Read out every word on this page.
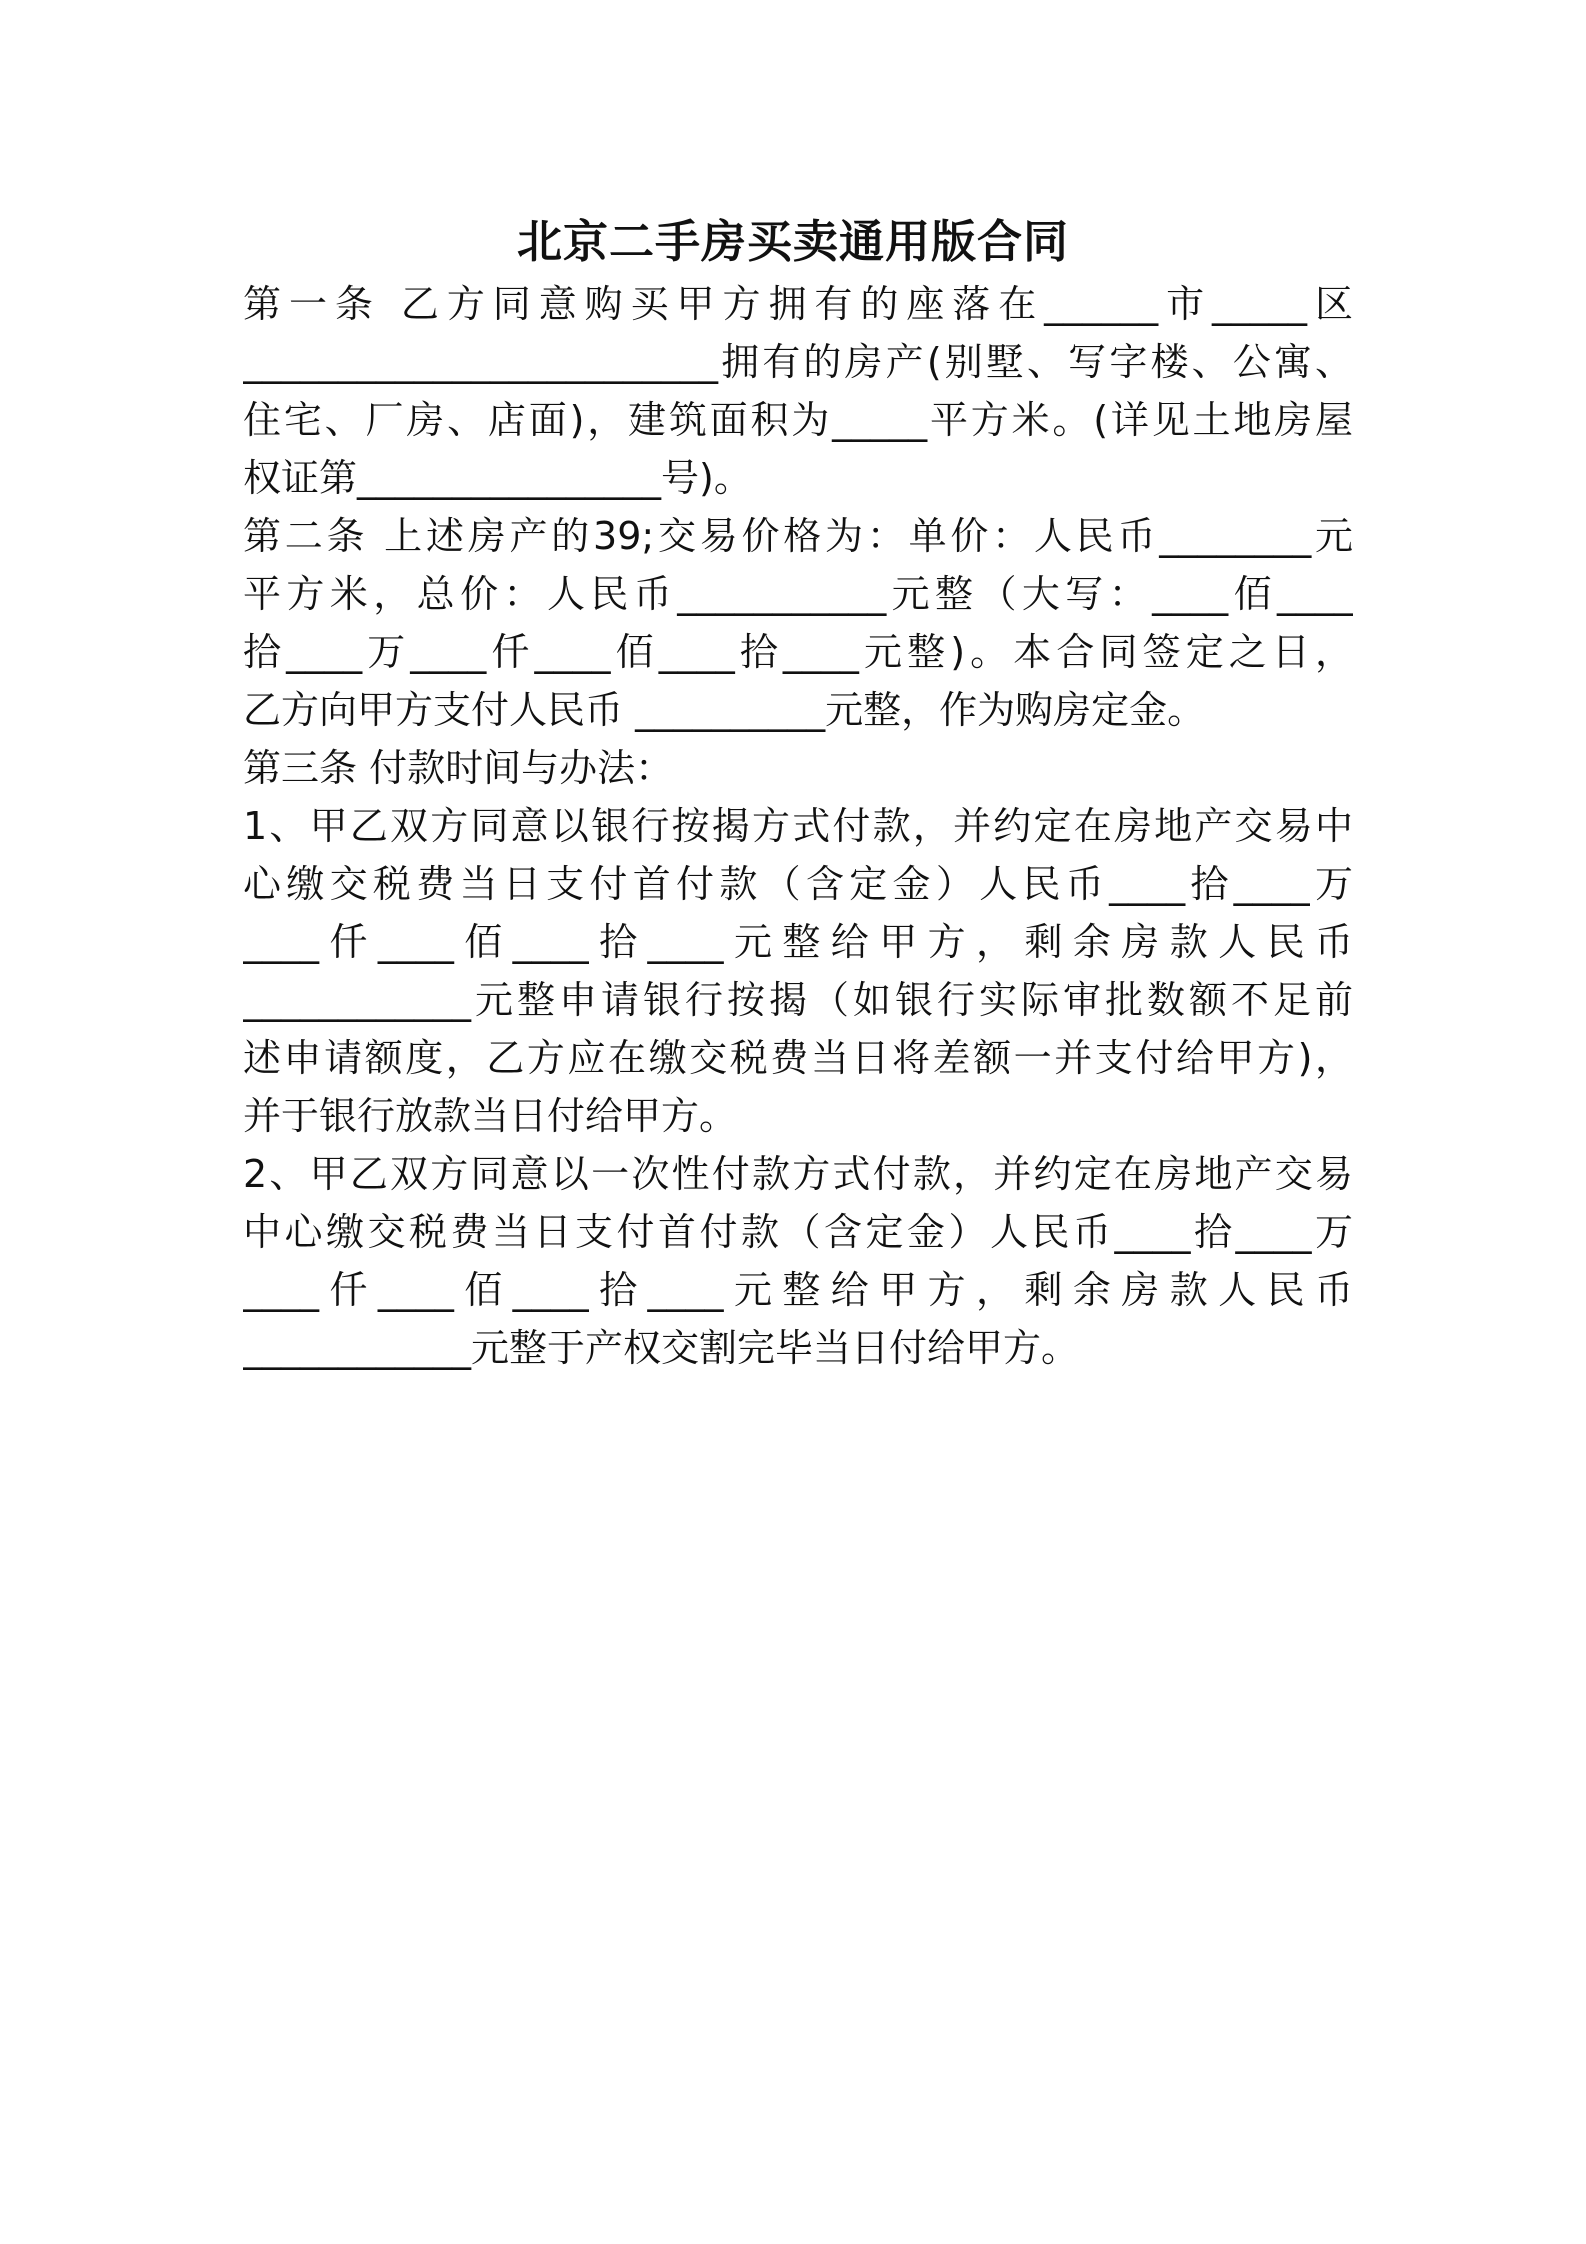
北京二手房买卖通用版合同

第一条 乙方同意购买甲方拥有的座落在______市_____区

_________________________拥有的房产(别墅、写字楼、公寓、

住宅、厂房、店面)，建筑面积为_____平方米。(详见土地房屋

权证第________________号)。

第二条 上述房产的39;交易价格为：单价：人民币________元

平方米，总价：人民币___________元整（大写：____佰____

拾____万____仟____佰____拾____元整)。本合同签定之日，

乙方向甲方支付人民币 __________元整，作为购房定金。

第三条 付款时间与办法：

1、甲乙双方同意以银行按揭方式付款，并约定在房地产交易中

心缴交税费当日支付首付款（含定金）人民币____拾____万

____仟____佰____拾____元整给甲方，剩余房款人民币

____________元整申请银行按揭（如银行实际审批数额不足前

述申请额度，乙方应在缴交税费当日将差额一并支付给甲方)，

并于银行放款当日付给甲方。

2、甲乙双方同意以一次性付款方式付款，并约定在房地产交易

中心缴交税费当日支付首付款（含定金）人民币____拾____万

____仟____佰____拾____元整给甲方，剩余房款人民币

____________元整于产权交割完毕当日付给甲方。
